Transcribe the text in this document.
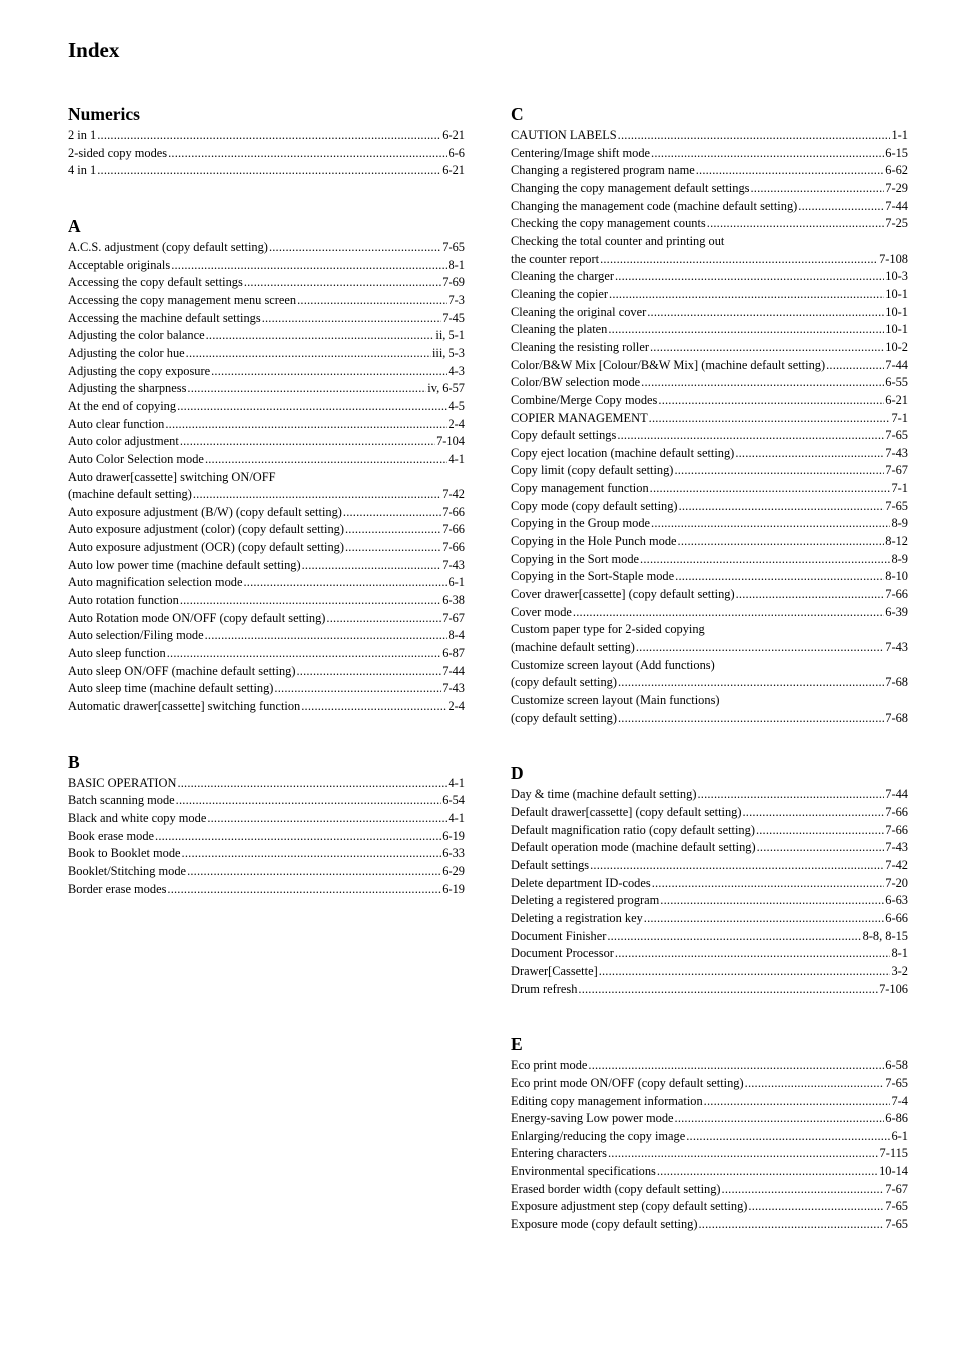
Index
Numerics
2 in 1 .....	6-21
2-sided copy modes .....	6-6
4 in 1 .....	6-21
A
A.C.S. adjustment (copy default setting) .....	7-65
Acceptable originals .....	8-1
Accessing the copy default settings .....	7-69
Accessing the copy management menu screen .....	7-3
Accessing the machine default settings .....	7-45
Adjusting the color balance .....	ii, 5-1
Adjusting the color hue .....	iii, 5-3
Adjusting the copy exposure .....	4-3
Adjusting the sharpness .....	iv, 6-57
At the end of copying .....	4-5
Auto clear function .....	2-4
Auto color adjustment .....	7-104
Auto Color Selection mode .....	4-1
Auto drawer[cassette] switching ON/OFF
(machine default setting) .....	7-42
Auto exposure adjustment (B/W) (copy default setting) .....	7-66
Auto exposure adjustment (color) (copy default setting) .....	7-66
Auto exposure adjustment (OCR) (copy default setting) .....	7-66
Auto low power time (machine default setting) .....	7-43
Auto magnification selection mode .....	6-1
Auto rotation function .....	6-38
Auto Rotation mode ON/OFF (copy default setting) .....	7-67
Auto selection/Filing mode .....	8-4
Auto sleep function .....	6-87
Auto sleep ON/OFF (machine default setting) .....	7-44
Auto sleep time (machine default setting) .....	7-43
Automatic drawer[cassette] switching function .....	2-4
B
BASIC OPERATION .....	4-1
Batch scanning mode .....	6-54
Black and white copy mode .....	4-1
Book erase mode .....	6-19
Book to Booklet mode .....	6-33
Booklet/Stitching mode .....	6-29
Border erase modes .....	6-19
C
CAUTION LABELS .....	1-1
Centering/Image shift mode .....	6-15
Changing a registered program name .....	6-62
Changing the copy management default settings .....	7-29
Changing the management code (machine default setting) .....	7-44
Checking the copy management counts .....	7-25
Checking the total counter and printing out
the counter report .....	7-108
Cleaning the charger .....	10-3
Cleaning the copier .....	10-1
Cleaning the original cover .....	10-1
Cleaning the platen .....	10-1
Cleaning the resisting roller .....	10-2
Color/B&W Mix [Colour/B&W Mix] (machine default setting) .....	7-44
Color/BW selection mode .....	6-55
Combine/Merge Copy modes .....	6-21
COPIER MANAGEMENT .....	7-1
Copy default settings .....	7-65
Copy eject location (machine default setting) .....	7-43
Copy limit (copy default setting) .....	7-67
Copy management function .....	7-1
Copy mode (copy default setting) .....	7-65
Copying in the Group mode .....	8-9
Copying in the Hole Punch mode .....	8-12
Copying in the Sort mode .....	8-9
Copying in the Sort-Staple mode .....	8-10
Cover drawer[cassette] (copy default setting) .....	7-66
Cover mode .....	6-39
Custom paper type for 2-sided copying
(machine default setting) .....	7-43
Customize screen layout (Add functions)
(copy default setting) .....	7-68
Customize screen layout (Main functions)
(copy default setting) .....	7-68
D
Day & time (machine default setting) .....	7-44
Default drawer[cassette] (copy default setting) .....	7-66
Default magnification ratio (copy default setting) .....	7-66
Default operation mode (machine default setting) .....	7-43
Default settings .....	7-42
Delete department ID-codes .....	7-20
Deleting a registered program .....	6-63
Deleting a registration key .....	6-66
Document Finisher .....	8-8, 8-15
Document Processor .....	8-1
Drawer[Cassette] .....	3-2
Drum refresh .....	7-106
E
Eco print mode .....	6-58
Eco print mode ON/OFF (copy default setting) .....	7-65
Editing copy management information .....	7-4
Energy-saving Low power mode .....	6-86
Enlarging/reducing the copy image .....	6-1
Entering characters .....	7-115
Environmental specifications .....	10-14
Erased border width (copy default setting) .....	7-67
Exposure adjustment step (copy default setting) .....	7-65
Exposure mode (copy default setting) .....	7-65
